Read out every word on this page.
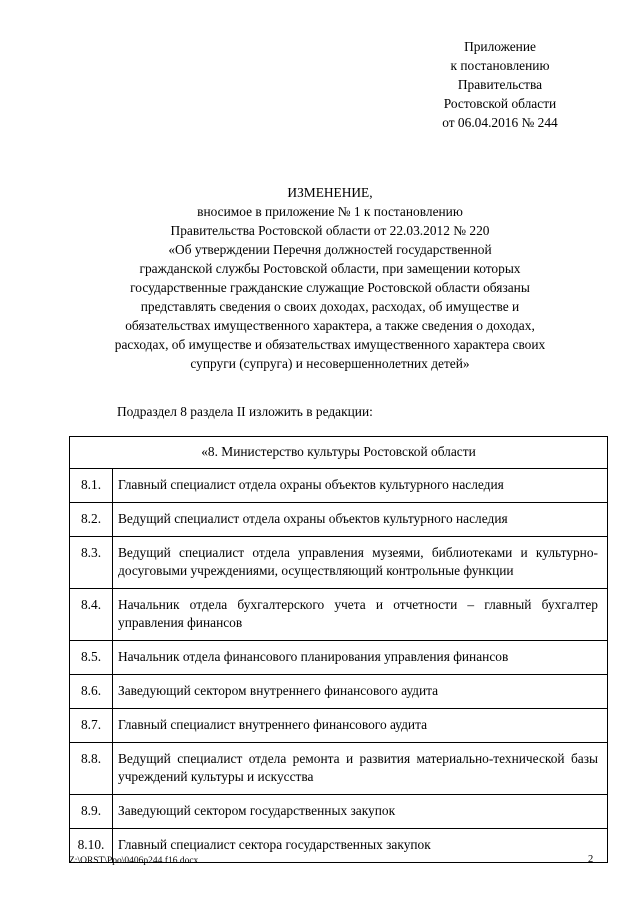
Приложение
к постановлению
Правительства
Ростовской области
от 06.04.2016 № 244
ИЗМЕНЕНИЕ,
вносимое в приложение № 1 к постановлению
Правительства Ростовской области от 22.03.2012 № 220
«Об утверждении Перечня должностей государственной
гражданской службы Ростовской области, при замещении которых
государственные гражданские служащие Ростовской области обязаны
представлять сведения о своих доходах, расходах, об имуществе и
обязательствах имущественного характера, а также сведения о доходах,
расходах, об имуществе и обязательствах имущественного характера своих
супруги (супруга) и несовершеннолетних детей»
Подраздел 8 раздела II изложить в редакции:
«8. Министерство культуры Ростовской области	
8.1.	Главный специалист отдела охраны объектов культурного наследия
8.2.	Ведущий специалист отдела охраны объектов культурного наследия
8.3.	Ведущий специалист отдела управления музеями, библиотеками и культурно-досуговыми учреждениями, осуществляющий контрольные функции
8.4.	Начальник отдела бухгалтерского учета и отчетности – главный бухгалтер управления финансов
8.5.	Начальник отдела финансового планирования управления финансов
8.6.	Заведующий сектором внутреннего финансового аудита
8.7.	Главный специалист внутреннего финансового аудита
8.8.	Ведущий специалист отдела ремонта и развития материально-технической базы учреждений культуры и искусства
8.9.	Заведующий сектором государственных закупок
8.10.	Главный специалист сектора государственных закупок
Z:\ORST\Ppo\0406p244.f16.docx	2
